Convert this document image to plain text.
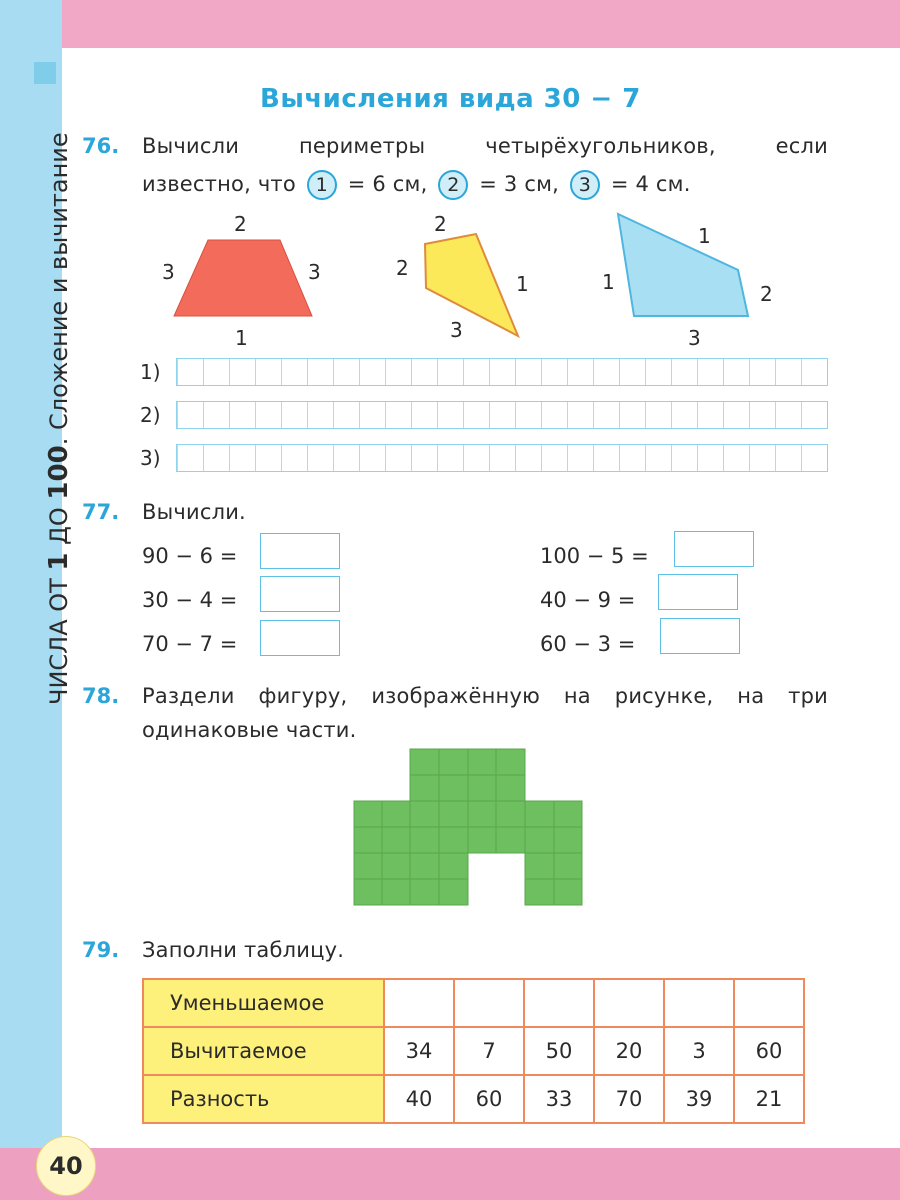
ЧИСЛА ОТ 1 ДО 100. Сложение и вычитание
Вычисления вида 30 − 7
76. Вычисли периметры четырёхугольников, если
известно, что 1 = 6 см, 2 = 3 см, 3 = 4 см.
2
3	3
1
2
2
1
3
1
1	2
3
1)
2)
3)
77. Вычисли.
90 − 6 =
30 − 4 =
70 − 7 =
100 − 5 =
40 − 9 =
60 − 3 =
78. Раздели фигуру, изображённую на рисунке, на три
одинаковые части.
79. Заполни таблицу.
Уменьшаемое						
Вычитаемое	34	7	50	20	3	60
Разность	40	60	33	70	39	21
40
